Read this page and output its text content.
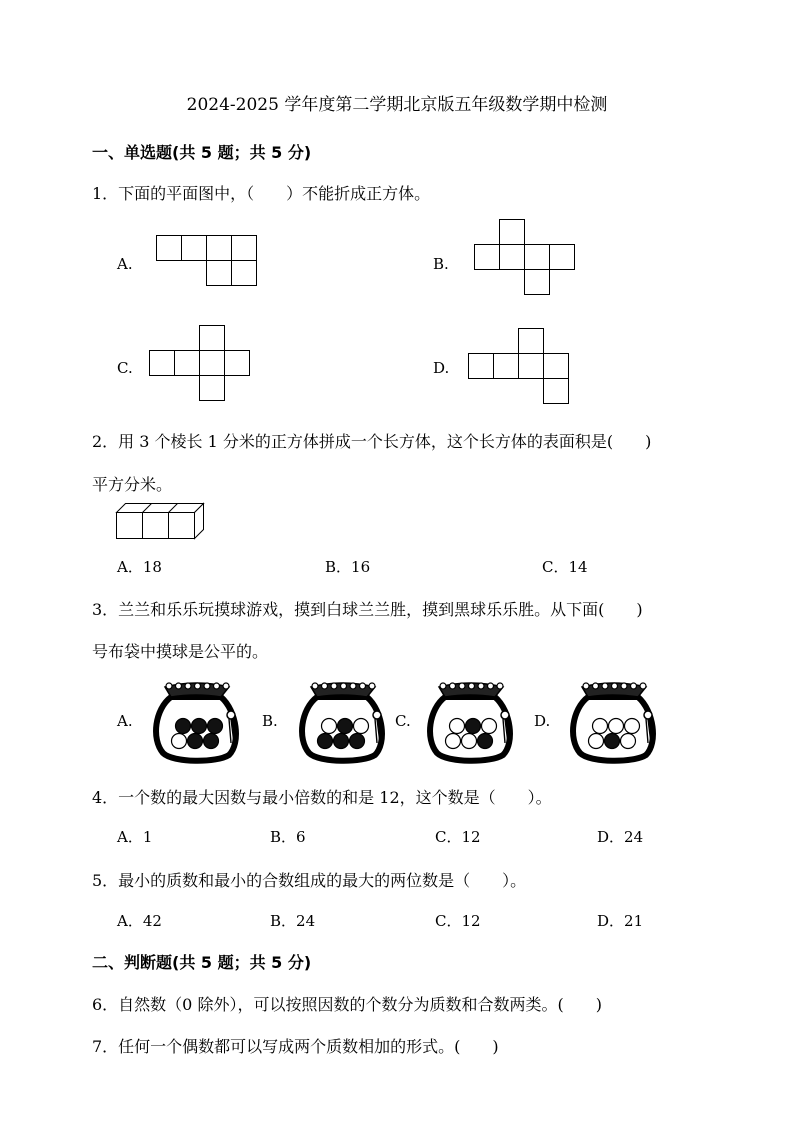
2024-2025 学年度第二学期北京版五年级数学期中检测
一、单选题(共 5 题；共 5 分)
1．下面的平面图中，（　　）不能折成正方体。
A.	B.
C.	D.
2．用 3 个棱长 1 分米的正方体拼成一个长方体，这个长方体的表面积是(　　)
平方分米。
A．18	B．16	C．14
3．兰兰和乐乐玩摸球游戏，摸到白球兰兰胜，摸到黑球乐乐胜。从下面(　　)
号布袋中摸球是公平的。
A.	B.	C.	D.
4．一个数的最大因数与最小倍数的和是 12，这个数是（　　）。
A．1	B．6	C．12	D．24
5．最小的质数和最小的合数组成的最大的两位数是（　　）。
A．42	B．24	C．12	D．21
二、判断题(共 5 题；共 5 分)
6．自然数（0 除外），可以按照因数的个数分为质数和合数两类。(　　)
7．任何一个偶数都可以写成两个质数相加的形式。(　　)
